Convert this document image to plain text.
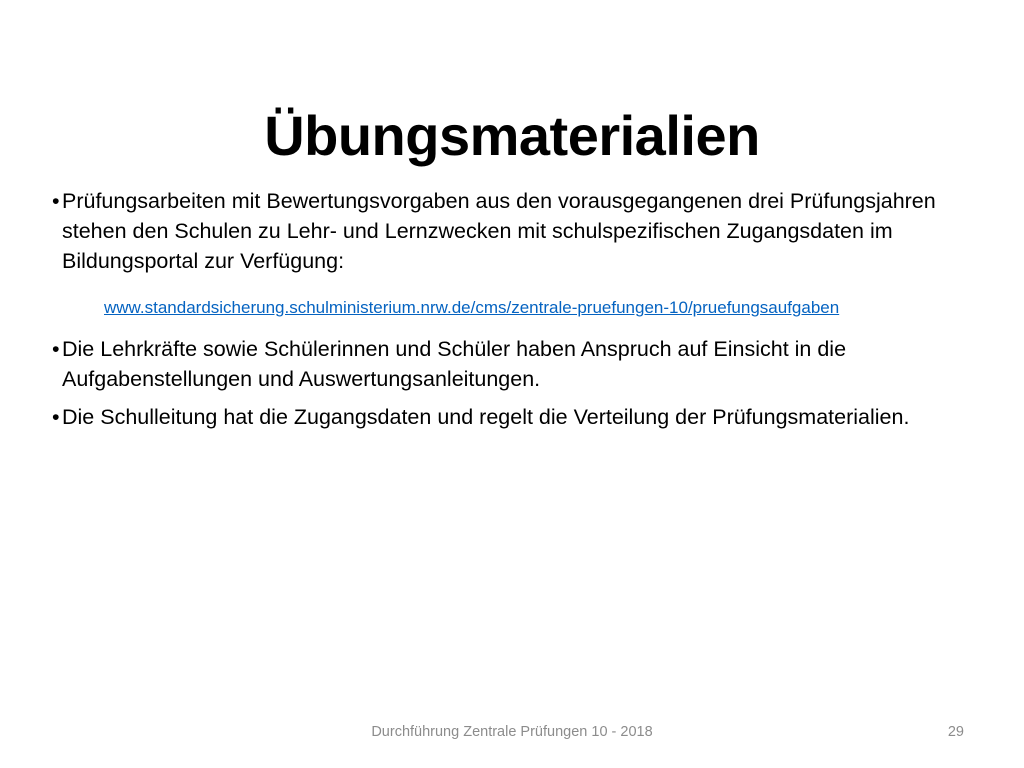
Übungsmaterialien

• Prüfungsarbeiten mit Bewertungsvorgaben aus den vorausgegangenen drei Prüfungsjahren stehen den Schulen zu Lehr- und Lernzwecken mit schulspezifischen Zugangsdaten im Bildungsportal zur Verfügung:

www.standardsicherung.schulministerium.nrw.de/cms/zentrale-pruefungen-10/pruefungsaufgaben

• Die Lehrkräfte sowie Schülerinnen und Schüler haben Anspruch auf Einsicht in die Aufgabenstellungen und Auswertungsanleitungen.

• Die Schulleitung hat die Zugangsdaten und regelt die Verteilung der Prüfungsmaterialien.

Durchführung Zentrale Prüfungen 10 - 2018	29
